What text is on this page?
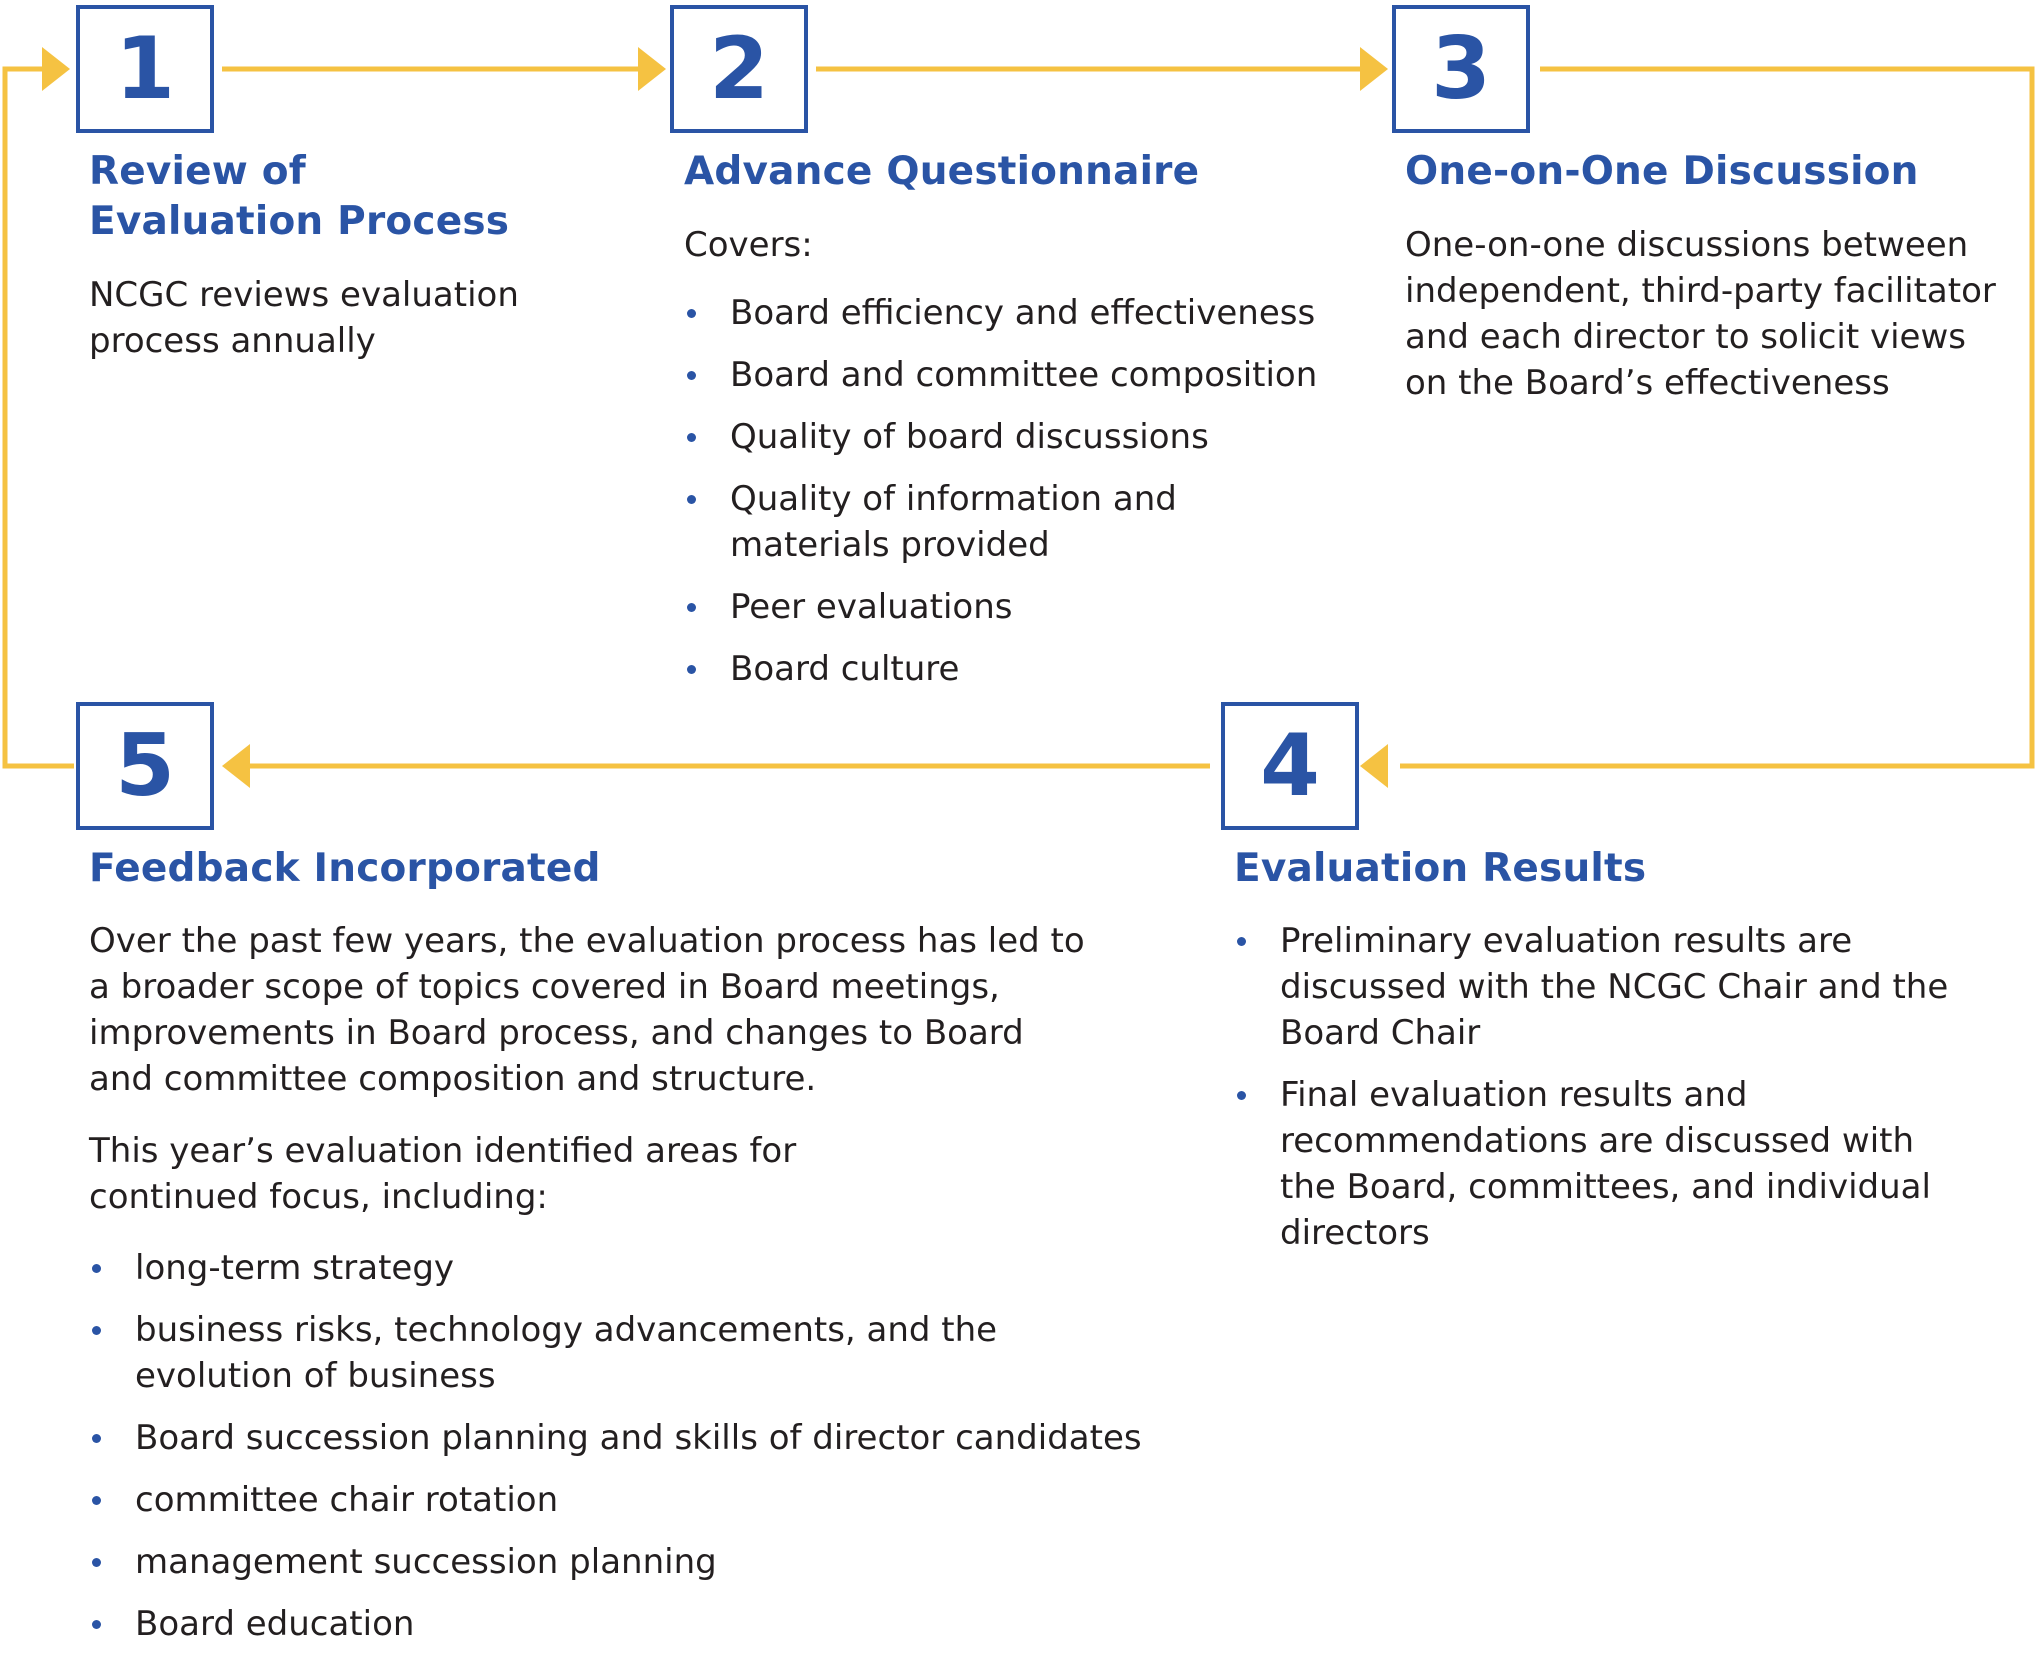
1
Review of
Evaluation Process

NCGC reviews evaluation process annually

2
Advance Questionnaire

Covers:

Board efficiency and effectiveness
Board and committee composition
Quality of board discussions
Quality of information and materials provided
Peer evaluations
Board culture
3
One-on-One Discussion

One-on-one discussions between independent, third-party facilitator and each director to solicit views on the Board’s effectiveness

4
Evaluation Results
Preliminary evaluation results are discussed with the NCGC Chair and the Board Chair
Final evaluation results and recommendations are discussed with the Board, committees, and individual directors
5
Feedback Incorporated

Over the past few years, the evaluation process has led to a broader scope of topics covered in Board meetings, improvements in Board process, and changes to Board and committee composition and structure.

This year’s evaluation identified areas for continued focus, including:

long-term strategy
business risks, technology advancements, and the evolution of business
Board succession planning and skills of director candidates
committee chair rotation
management succession planning
Board education
